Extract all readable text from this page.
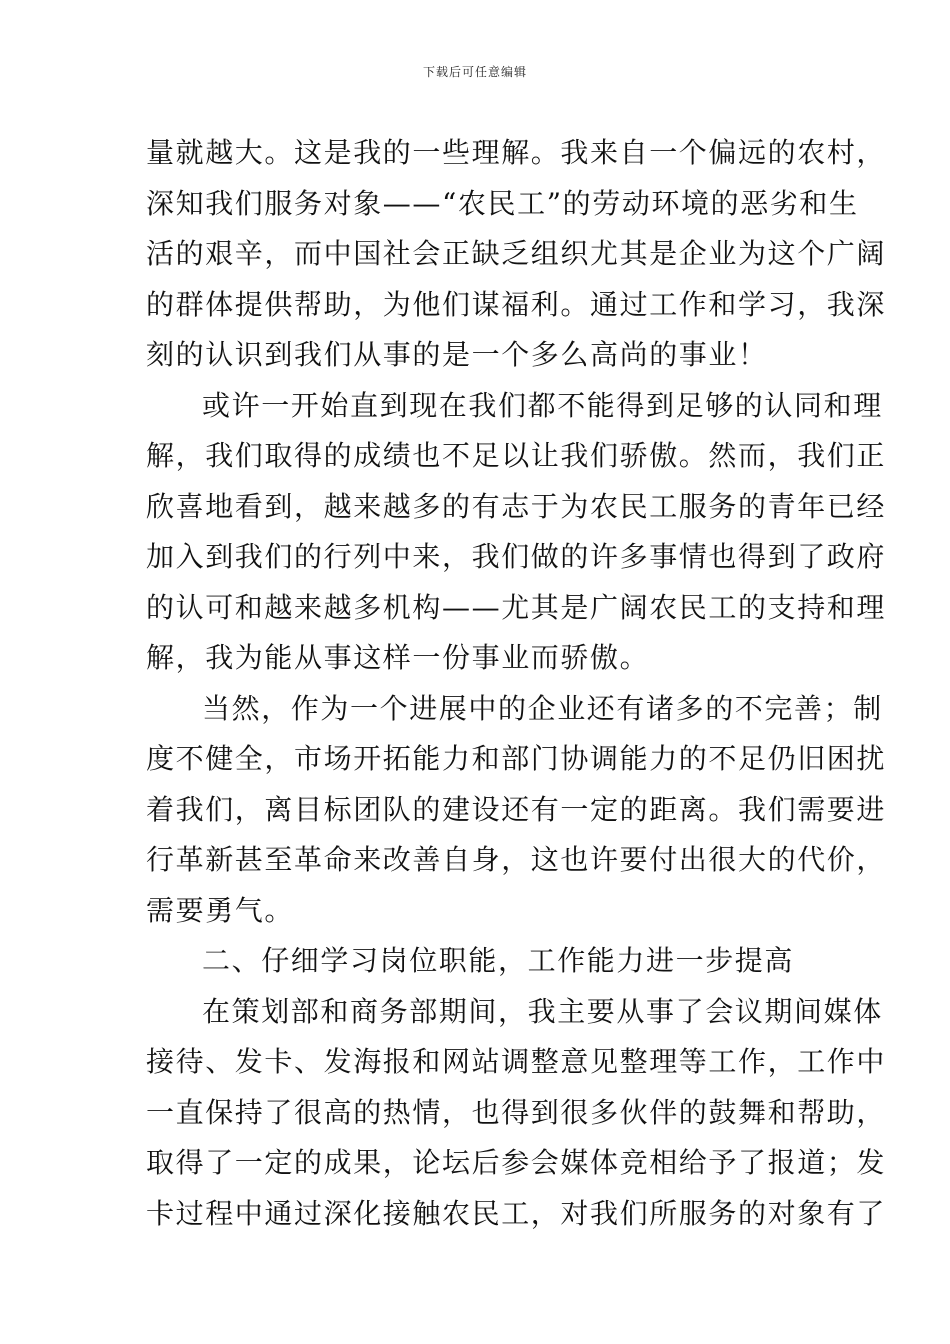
下载后可任意编辑
量就越大。这是我的一些理解。我来自一个偏远的农村，
深知我们服务对象——“农民工”的劳动环境的恶劣和生
活的艰辛，而中国社会正缺乏组织尤其是企业为这个广阔
的群体提供帮助，为他们谋福利。通过工作和学习，我深
刻的认识到我们从事的是一个多么高尚的事业！
或许一开始直到现在我们都不能得到足够的认同和理
解，我们取得的成绩也不足以让我们骄傲。然而，我们正
欣喜地看到，越来越多的有志于为农民工服务的青年已经
加入到我们的行列中来，我们做的许多事情也得到了政府
的认可和越来越多机构——尤其是广阔农民工的支持和理
解，我为能从事这样一份事业而骄傲。
当然，作为一个进展中的企业还有诸多的不完善；制
度不健全，市场开拓能力和部门协调能力的不足仍旧困扰
着我们，离目标团队的建设还有一定的距离。我们需要进
行革新甚至革命来改善自身，这也许要付出很大的代价，
需要勇气。
二、仔细学习岗位职能，工作能力进一步提高
在策划部和商务部期间，我主要从事了会议期间媒体
接待、发卡、发海报和网站调整意见整理等工作，工作中
一直保持了很高的热情，也得到很多伙伴的鼓舞和帮助，
取得了一定的成果，论坛后参会媒体竞相给予了报道；发
卡过程中通过深化接触农民工，对我们所服务的对象有了
